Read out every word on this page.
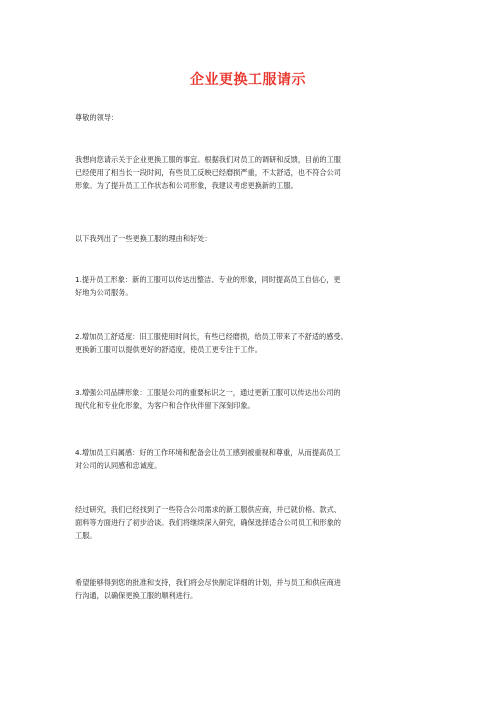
企业更换工服请示
尊敬的领导：
我想向您请示关于企业更换工服的事宜。根据我们对员工的调研和反馈，目前的工服
已经使用了相当长一段时间，有些员工反映已经磨损严重，不太舒适，也不符合公司
形象。为了提升员工工作状态和公司形象，我建议考虑更换新的工服。
以下我列出了一些更换工服的理由和好处：
1.提升员工形象：新的工服可以传达出整洁、专业的形象，同时提高员工自信心，更
好地为公司服务。
2.增加员工舒适度：旧工服使用时间长，有些已经磨损，给员工带来了不舒适的感受。
更换新工服可以提供更好的舒适度，使员工更专注于工作。
3.增强公司品牌形象：工服是公司的重要标识之一，通过更新工服可以传达出公司的
现代化和专业化形象，为客户和合作伙伴留下深刻印象。
4.增加员工归属感：好的工作环境和配备会让员工感到被重视和尊重，从而提高员工
对公司的认同感和忠诚度。
经过研究，我们已经找到了一些符合公司需求的新工服供应商，并已就价格、款式、
面料等方面进行了初步洽谈。我们将继续深入研究，确保选择适合公司员工和形象的
工服。
希望能够得到您的批准和支持，我们将会尽快制定详细的计划，并与员工和供应商进
行沟通，以确保更换工服的顺利进行。
